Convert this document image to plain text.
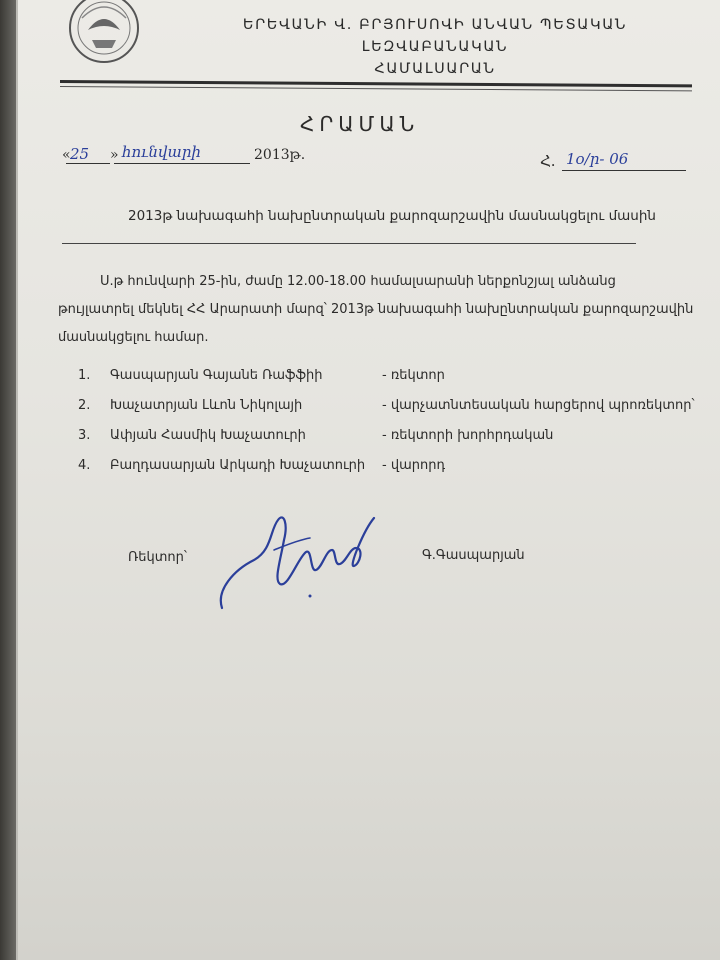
ԵՐԵՎԱՆԻ Վ. ԲՐՅՈՒՍՈՎԻ ԱՆՎԱՆ ՊԵՏԱԿԱՆ ԼԵԶՎԱԲԱՆԱԿԱՆ
ՀԱՄԱԼՍԱՐԱՆ
ՀՐԱՄԱՆ
« 25 » հունվարի	2013թ.	Հ. 1օ/ր- 06
2013թ նախագահի նախընտրական քարոզարշավին մասնակցելու մասին
Ս.թ հունվարի 25-ին, ժամը 12.00-18.00 համալսարանի ներքոնշյալ անձանց
թույլատրել մեկնել ՀՀ Արարատի մարզ՝ 2013թ նախագահի նախընտրական քարոզարշավին
մասնակցելու համար.
1.	Գասպարյան Գայանե Ռաֆֆիի	- ռեկտոր
2.	Խաչատրյան Լևոն Նիկոլայի	- վարչատնտեսական հարցերով պրոռեկտոր՝
3.	Ափյան Հասմիկ Խաչատուրի	- ռեկտորի խորհրդական
4.	Բաղդասարյան Արկադի Խաչատուրի - վարորդ
Ռեկտոր՝	Գ.Գասպարյան
